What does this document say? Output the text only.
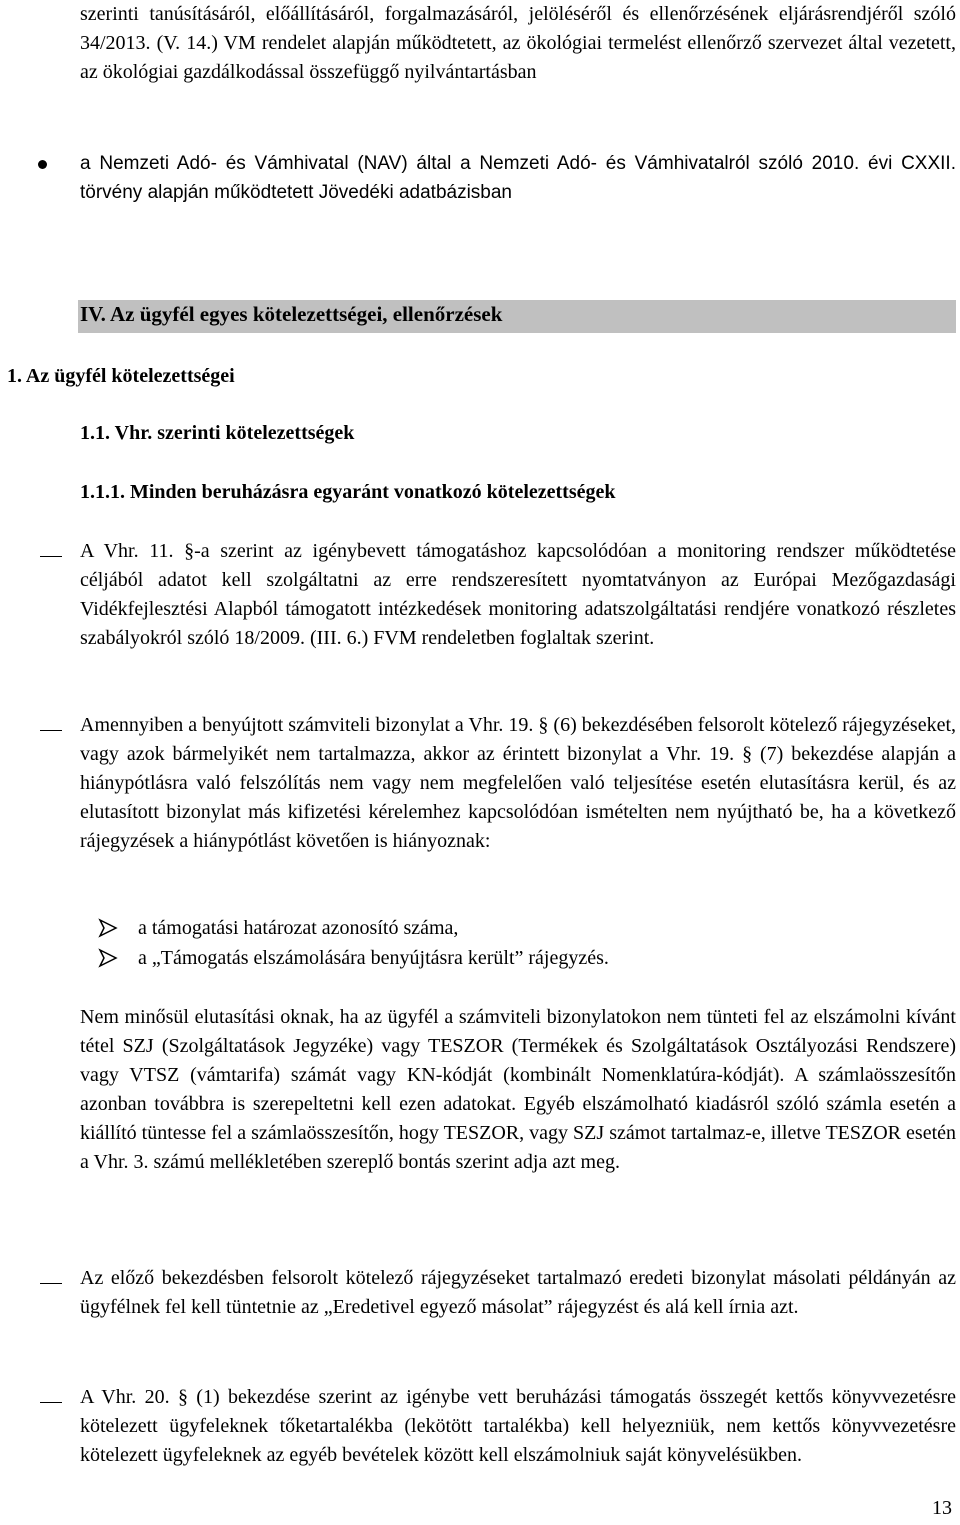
szerinti tanúsításáról, előállításáról, forgalmazásáról, jelöléséről és ellenőrzésének eljárásrendjéről szóló 34/2013. (V. 14.) VM rendelet alapján működtetett, az ökológiai termelést ellenőrző szervezet által vezetett, az ökológiai gazdálkodással összefüggő nyilvántartásban
a Nemzeti Adó- és Vámhivatal (NAV) által a Nemzeti Adó- és Vámhivatalról szóló 2010. évi CXXII. törvény alapján működtetett Jövedéki adatbázisban
IV. Az ügyfél egyes kötelezettségei, ellenőrzések
1. Az ügyfél kötelezettségei
1.1. Vhr. szerinti kötelezettségek
1.1.1. Minden beruházásra egyaránt vonatkozó kötelezettségek
A Vhr. 11. §-a szerint az igénybevett támogatáshoz kapcsolódóan a monitoring rendszer működtetése céljából adatot kell szolgáltatni az erre rendszeresített nyomtatványon az Európai Mezőgazdasági Vidékfejlesztési Alapból támogatott intézkedések monitoring adatszolgáltatási rendjére vonatkozó részletes szabályokról szóló 18/2009. (III. 6.) FVM rendeletben foglaltak szerint.
Amennyiben a benyújtott számviteli bizonylat a Vhr. 19. § (6) bekezdésében felsorolt kötelező rájegyzéseket, vagy azok bármelyikét nem tartalmazza, akkor az érintett bizonylat a Vhr. 19. § (7) bekezdése alapján a hiánypótlásra való felszólítás nem vagy nem megfelelően való teljesítése esetén elutasításra kerül, és az elutasított bizonylat más kifizetési kérelemhez kapcsolódóan ismételten nem nyújtható be, ha a következő rájegyzések a hiánypótlást követően is hiányoznak:
a támogatási határozat azonosító száma,
a „Támogatás elszámolására benyújtásra került” rájegyzés.
Nem minősül elutasítási oknak, ha az ügyfél a számviteli bizonylatokon nem tünteti fel az elszámolni kívánt tétel SZJ (Szolgáltatások Jegyzéke) vagy TESZOR (Termékek és Szolgáltatások Osztályozási Rendszere) vagy VTSZ (vámtarifa) számát vagy KN-kódját (kombinált Nomenklatúra-kódját). A számlaösszesítőn azonban továbbra is szerepeltetni kell ezen adatokat. Egyéb elszámolható kiadásról szóló számla esetén a kiállító tüntesse fel a számlaösszesítőn, hogy TESZOR, vagy SZJ számot tartalmaz-e, illetve TESZOR esetén a Vhr. 3. számú mellékletében szereplő bontás szerint adja azt meg.
Az előző bekezdésben felsorolt kötelező rájegyzéseket tartalmazó eredeti bizonylat másolati példányán az ügyfélnek fel kell tüntetnie az „Eredetivel egyező másolat” rájegyzést és alá kell írnia azt.
A Vhr. 20. § (1) bekezdése szerint az igénybe vett beruházási támogatás összegét kettős könyvvezetésre kötelezett ügyfeleknek tőketartalékba (lekötött tartalékba) kell helyezniük, nem kettős könyvvezetésre kötelezett ügyfeleknek az egyéb bevételek között kell elszámolniuk saját könyvelésükben.
13
